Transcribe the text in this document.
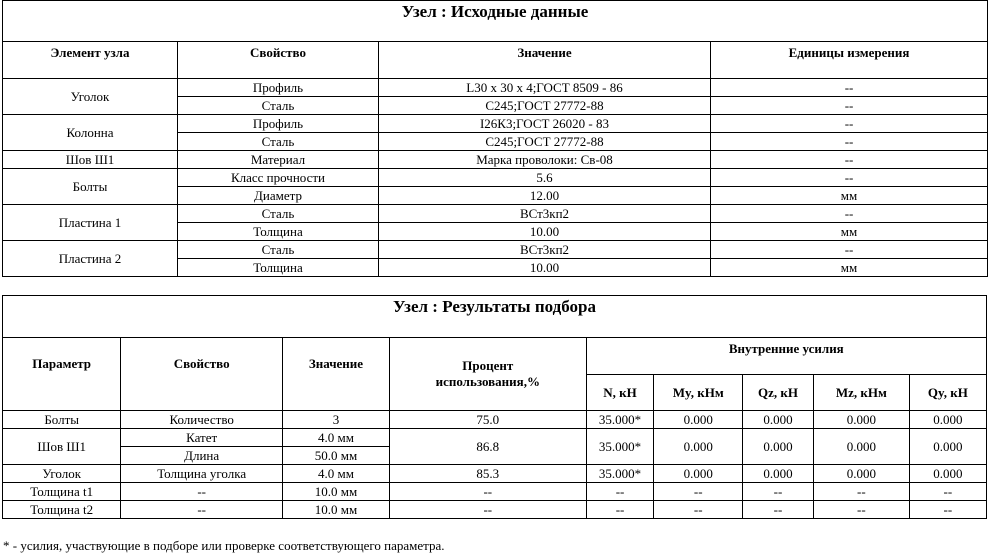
Узел : Исходные данные			
Элемент узла	Свойство	Значение	Единицы измерения
Уголок	Профиль	L30 x 30 x 4;ГОСТ 8509 - 86	--
	Сталь	С245;ГОСТ 27772-88	--
Колонна	Профиль	I26К3;ГОСТ 26020 - 83	--
	Сталь	С245;ГОСТ 27772-88	--
Шов Ш1	Материал	Марка проволоки: Св-08	--
Болты	Класс прочности	5.6	--
	Диаметр	12.00	мм
Пластина 1	Сталь	ВСт3кп2	--
	Толщина	10.00	мм
Пластина 2	Сталь	ВСт3кп2	--
	Толщина	10.00	мм
Узел : Результаты подбора								
Параметр	Свойство	Значение	Процент использования,%	Внутренние усилия				
				N, кН	My, кНм	Qz, кН	Mz, кНм	Qy, кН
Болты	Количество	3	75.0	35.000*	0.000	0.000	0.000	0.000
Шов Ш1	Катет	4.0 мм	86.8	35.000*	0.000	0.000	0.000	0.000
	Длина	50.0 мм						
Уголок	Толщина уголка	4.0 мм	85.3	35.000*	0.000	0.000	0.000	0.000
Толщина t1	--	10.0 мм	--	--	--	--	--	--
Толщина t2	--	10.0 мм	--	--	--	--	--	--
* - усилия, участвующие в подборе или проверке соответствующего параметра.
